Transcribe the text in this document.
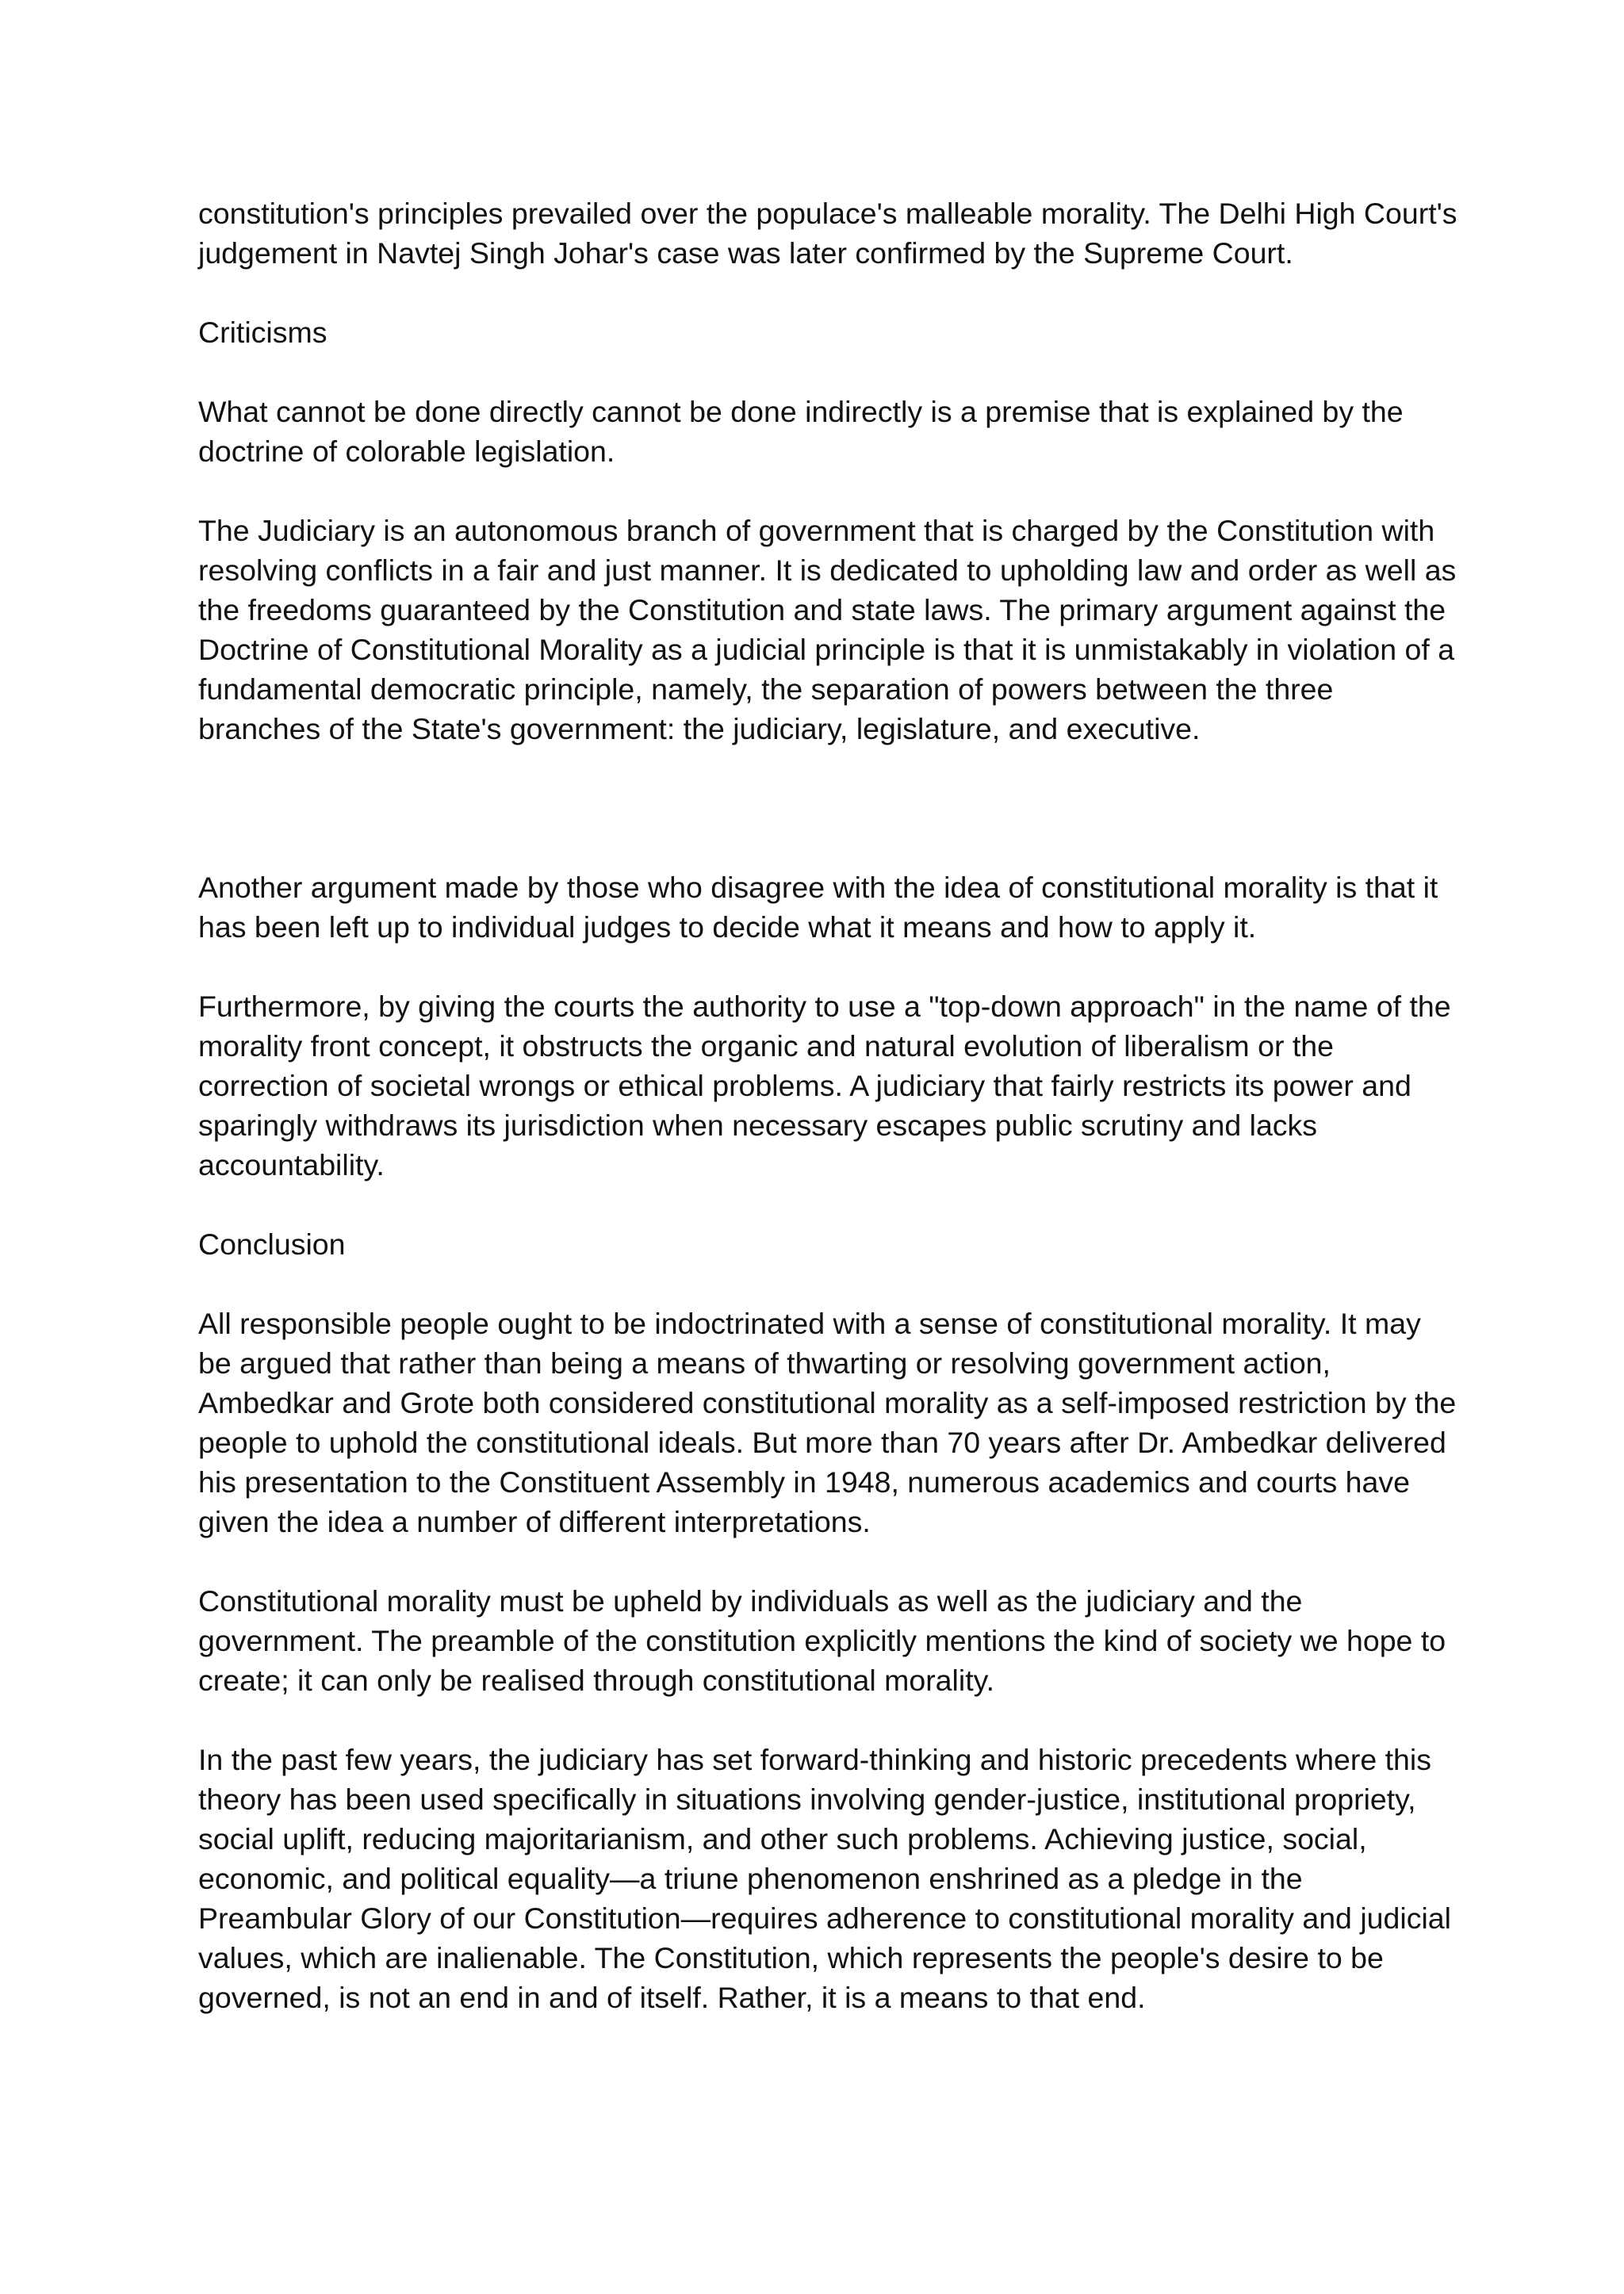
constitution's principles prevailed over the populace's malleable morality. The Delhi High Court's judgement in Navtej Singh Johar's case was later confirmed by the Supreme Court.

Criticisms

What cannot be done directly cannot be done indirectly is a premise that is explained by the doctrine of colorable legislation.

The Judiciary is an autonomous branch of government that is charged by the Constitution with resolving conflicts in a fair and just manner. It is dedicated to upholding law and order as well as the freedoms guaranteed by the Constitution and state laws. The primary argument against the Doctrine of Constitutional Morality as a judicial principle is that it is unmistakably in violation of a fundamental democratic principle, namely, the separation of powers between the three branches of the State's government: the judiciary, legislature, and executive.

Another argument made by those who disagree with the idea of constitutional morality is that it has been left up to individual judges to decide what it means and how to apply it.

Furthermore, by giving the courts the authority to use a "top-down approach" in the name of the morality front concept, it obstructs the organic and natural evolution of liberalism or the correction of societal wrongs or ethical problems. A judiciary that fairly restricts its power and sparingly withdraws its jurisdiction when necessary escapes public scrutiny and lacks accountability.

Conclusion

All responsible people ought to be indoctrinated with a sense of constitutional morality. It may be argued that rather than being a means of thwarting or resolving government action, Ambedkar and Grote both considered constitutional morality as a self-imposed restriction by the people to uphold the constitutional ideals. But more than 70 years after Dr. Ambedkar delivered his presentation to the Constituent Assembly in 1948, numerous academics and courts have given the idea a number of different interpretations.

Constitutional morality must be upheld by individuals as well as the judiciary and the government. The preamble of the constitution explicitly mentions the kind of society we hope to create; it can only be realised through constitutional morality.

In the past few years, the judiciary has set forward-thinking and historic precedents where this theory has been used specifically in situations involving gender-justice, institutional propriety, social uplift, reducing majoritarianism, and other such problems. Achieving justice, social, economic, and political equality—a triune phenomenon enshrined as a pledge in the Preambular Glory of our Constitution—requires adherence to constitutional morality and judicial values, which are inalienable. The Constitution, which represents the people's desire to be governed, is not an end in and of itself. Rather, it is a means to that end.
